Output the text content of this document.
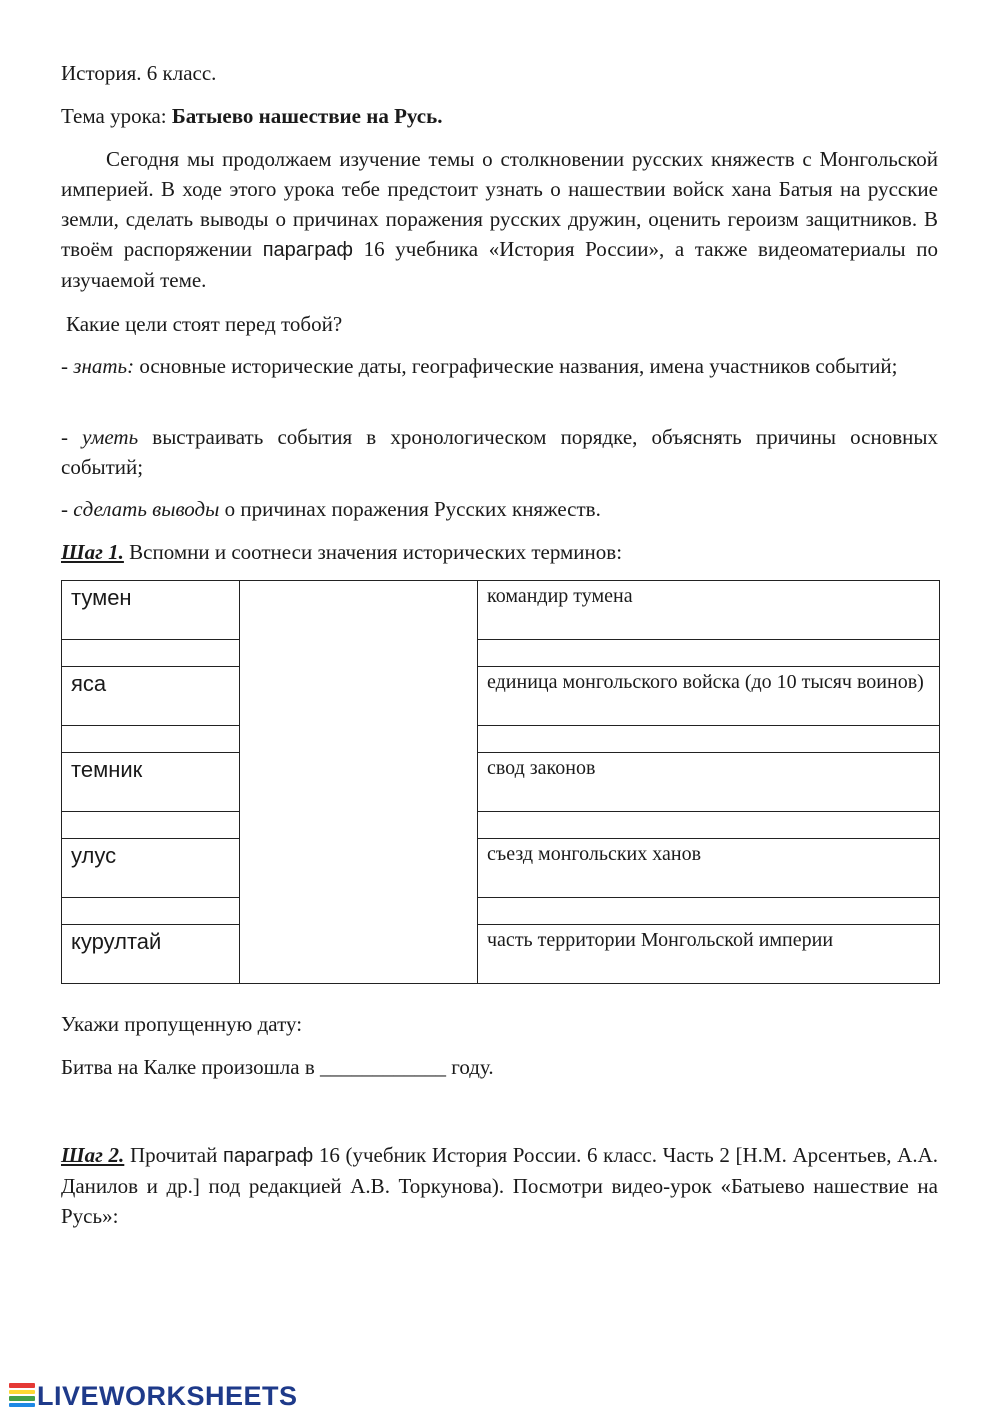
История. 6 класс.

Тема урока: Батыево нашествие на Русь.

Сегодня мы продолжаем изучение темы о столкновении русских княжеств с Монгольской империей. В ходе этого урока тебе предстоит узнать о нашествии войск хана Батыя на русские земли, сделать выводы о причинах поражения русских дружин, оценить героизм защитников. В твоём распоряжении параграф 16 учебника «История России», а также видеоматериалы по изучаемой теме.

Какие цели стоят перед тобой?

- знать: основные исторические даты, географические названия, имена участников событий;

- уметь выстраивать события в хронологическом порядке, объяснять причины основных событий;

- сделать выводы о причинах поражения Русских княжеств.

Шаг 1. Вспомни и соотнеси значения исторических терминов:

тумен		командир тумена

яса		единица монгольского войска (до 10 тысяч воинов)

темник		свод законов

улус		съезд монгольских ханов

курултай		часть территории Монгольской империи

Укажи пропущенную дату:

Битва на Калке произошла в ____________ году.

Шаг 2. Прочитай параграф 16 (учебник История России. 6 класс. Часть 2 [Н.М. Арсентьев, А.А. Данилов и др.] под редакцией А.В. Торкунова). Посмотри видео-урок «Батыево нашествие на Русь»:

LIVEWORKSHEETS
